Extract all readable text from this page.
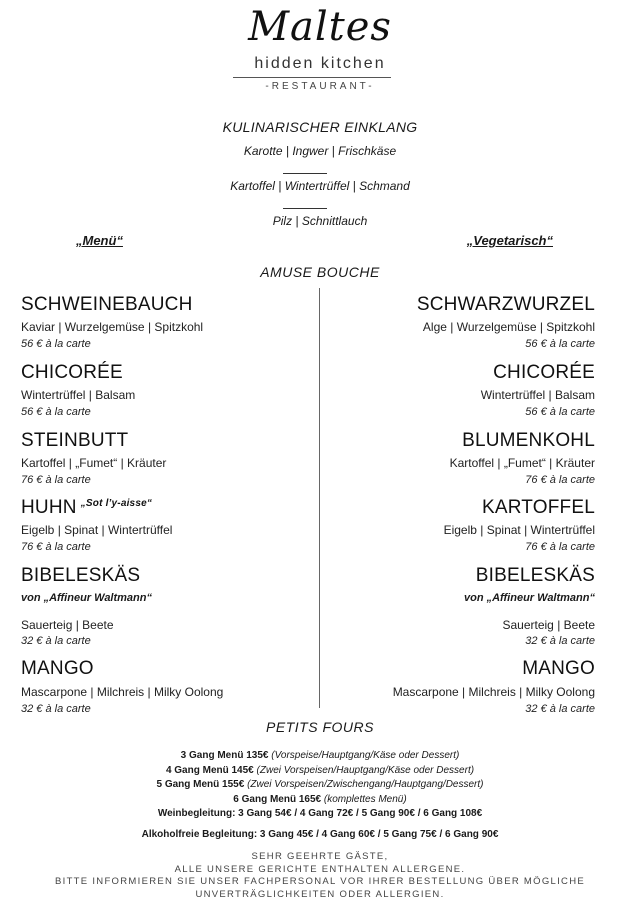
Maltes
hidden kitchen
-RESTAURANT-
KULINARISCHER EINKLANG
Karotte | Ingwer | Frischkäse
Kartoffel | Wintertrüffel | Schmand
Pilz | Schnittlauch
„Menü“	„Vegetarisch“
AMUSE BOUCHE
SCHWEINEBAUCH
Kaviar | Wurzelgemüse | Spitzkohl
56 € à la carte
CHICORÉE
Wintertrüffel | Balsam
56 € à la carte
STEINBUTT
Kartoffel | „Fumet“ | Kräuter
76 € à la carte
HUHN $^{„Sot l’y-aisse“}$
Eigelb | Spinat | Wintertrüffel
76 € à la carte
BIBELESKÄS
von „Affineur Waltmann“
Sauerteig | Beete
32 € à la carte
MANGO
Mascarpone | Milchreis | Milky Oolong
32 € à la carte
SCHWARZWURZEL
Alge | Wurzelgemüse | Spitzkohl
56 € à la carte
CHICORÉE
Wintertrüffel | Balsam
56 € à la carte
BLUMENKOHL
Kartoffel | „Fumet“ | Kräuter
76 € à la carte
KARTOFFEL
Eigelb | Spinat | Wintertrüffel
76 € à la carte
BIBELESKÄS
von „Affineur Waltmann“
Sauerteig | Beete
32 € à la carte
MANGO
Mascarpone | Milchreis | Milky Oolong
32 € à la carte
PETITS FOURS
3 Gang Menü 135€ (Vorspeise/Hauptgang/Käse oder Dessert)
4 Gang Menü 145€ (Zwei Vorspeisen/Hauptgang/Käse oder Dessert)
5 Gang Menü 155€ (Zwei Vorspeisen/Zwischengang/Hauptgang/Dessert)
6 Gang Menü 165€ (komplettes Menü)
Weinbegleitung: 3 Gang 54€ / 4 Gang 72€ / 5 Gang 90€ / 6 Gang 108€
Alkoholfreie Begleitung: 3 Gang 45€ / 4 Gang 60€ / 5 Gang 75€ / 6 Gang 90€
SEHR GEEHRTE GÄSTE,
ALLE UNSERE GERICHTE ENTHALTEN ALLERGENE.
BITTE INFORMIEREN SIE UNSER FACHPERSONAL VOR IHRER BESTELLUNG ÜBER MÖGLICHE
UNVERTRÄGLICHKEITEN ODER ALLERGIEN.
